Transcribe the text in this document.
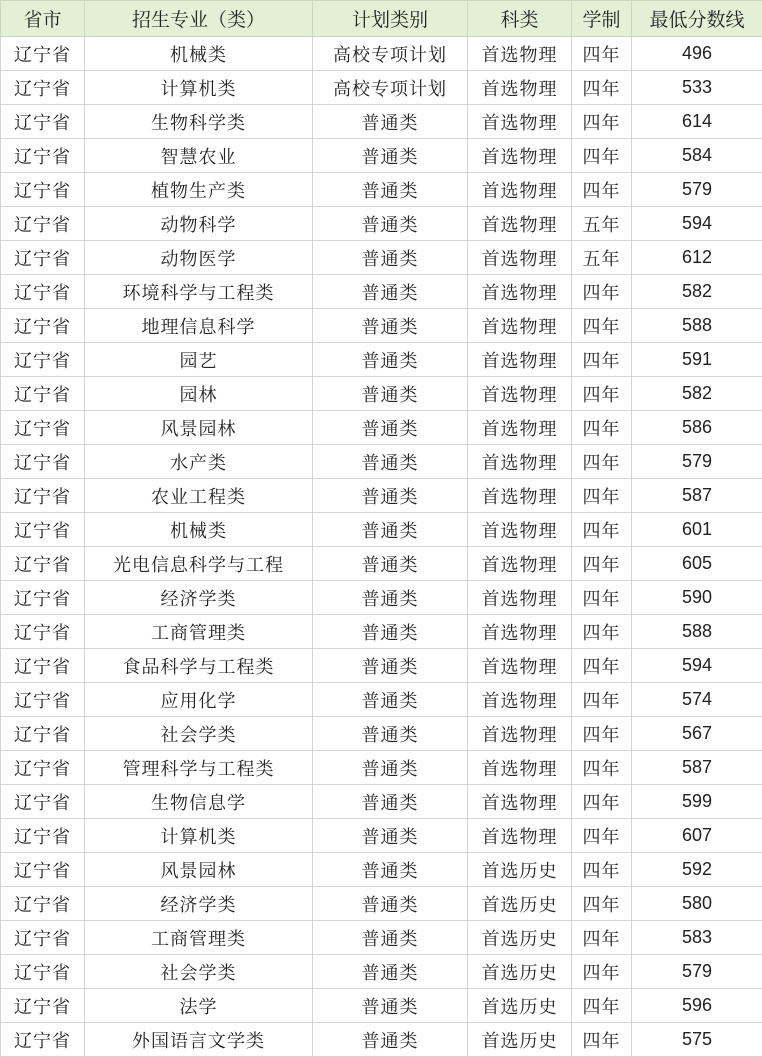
省市	招生专业（类）	计划类别	科类	学制	最低分数线
辽宁省	机械类	高校专项计划	首选物理	四年	496
辽宁省	计算机类	高校专项计划	首选物理	四年	533
辽宁省	生物科学类	普通类	首选物理	四年	614
辽宁省	智慧农业	普通类	首选物理	四年	584
辽宁省	植物生产类	普通类	首选物理	四年	579
辽宁省	动物科学	普通类	首选物理	五年	594
辽宁省	动物医学	普通类	首选物理	五年	612
辽宁省	环境科学与工程类	普通类	首选物理	四年	582
辽宁省	地理信息科学	普通类	首选物理	四年	588
辽宁省	园艺	普通类	首选物理	四年	591
辽宁省	园林	普通类	首选物理	四年	582
辽宁省	风景园林	普通类	首选物理	四年	586
辽宁省	水产类	普通类	首选物理	四年	579
辽宁省	农业工程类	普通类	首选物理	四年	587
辽宁省	机械类	普通类	首选物理	四年	601
辽宁省	光电信息科学与工程	普通类	首选物理	四年	605
辽宁省	经济学类	普通类	首选物理	四年	590
辽宁省	工商管理类	普通类	首选物理	四年	588
辽宁省	食品科学与工程类	普通类	首选物理	四年	594
辽宁省	应用化学	普通类	首选物理	四年	574
辽宁省	社会学类	普通类	首选物理	四年	567
辽宁省	管理科学与工程类	普通类	首选物理	四年	587
辽宁省	生物信息学	普通类	首选物理	四年	599
辽宁省	计算机类	普通类	首选物理	四年	607
辽宁省	风景园林	普通类	首选历史	四年	592
辽宁省	经济学类	普通类	首选历史	四年	580
辽宁省	工商管理类	普通类	首选历史	四年	583
辽宁省	社会学类	普通类	首选历史	四年	579
辽宁省	法学	普通类	首选历史	四年	596
辽宁省	外国语言文学类	普通类	首选历史	四年	575
